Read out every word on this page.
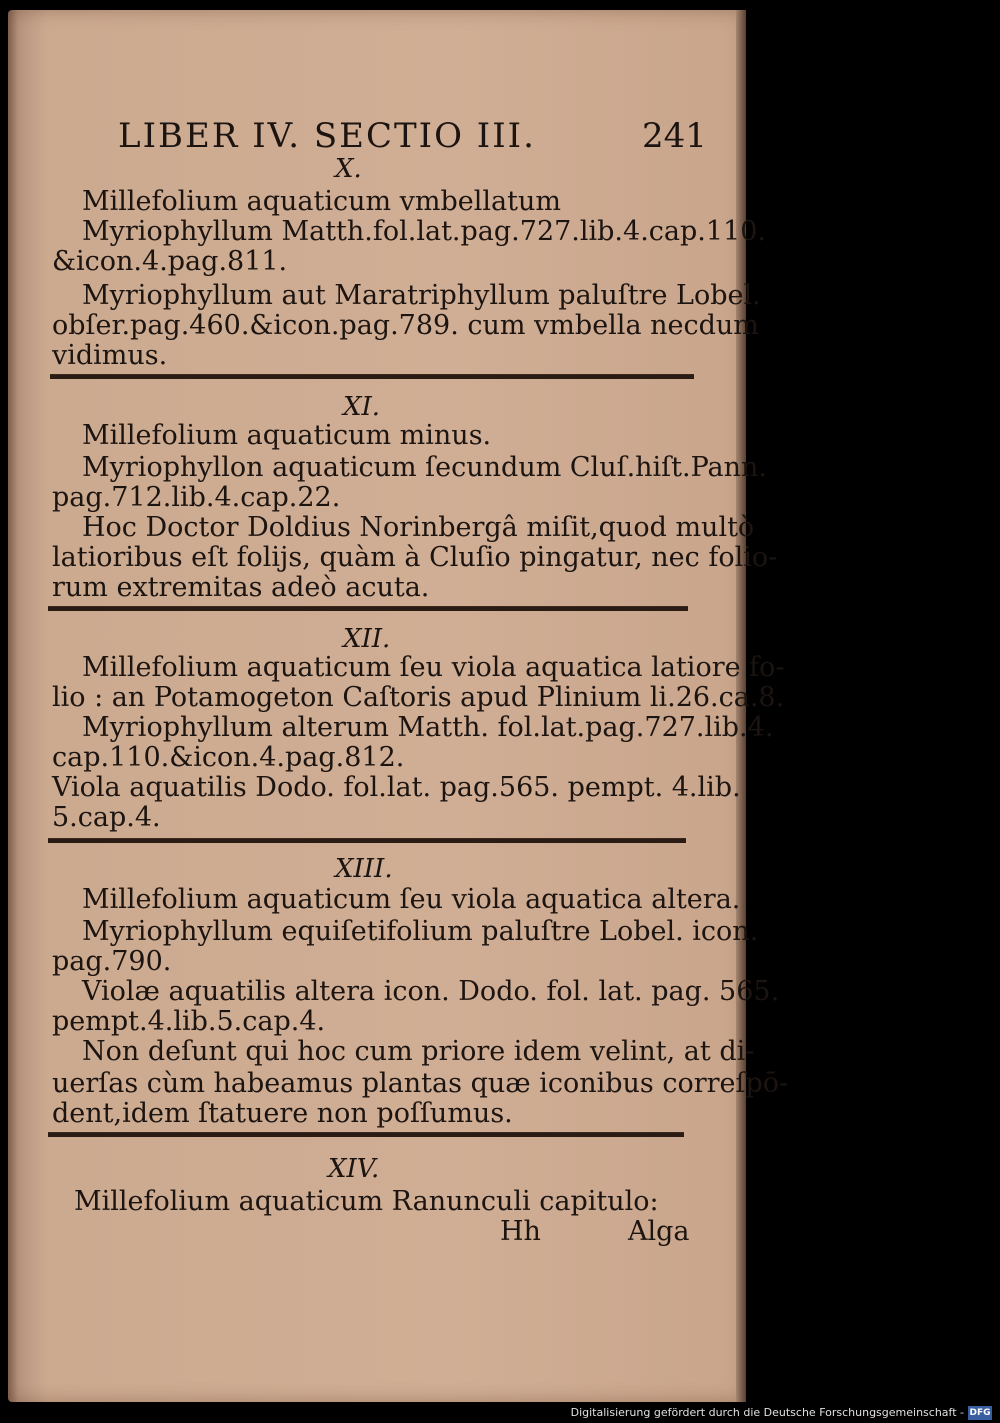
LIBER IV. SECTIO III.	241
X.
Millefolium aquaticum vmbellatum
Myriophyllum Matth.fol.lat.pag.727.lib.4.cap.110.
&icon.4.pag.811.
Myriophyllum aut Maratriphyllum paluſtre Lobel.
obſer.pag.460.&icon.pag.789. cum vmbella necdum
vidimus.
XI.
Millefolium aquaticum minus.
Myriophyllon aquaticum ſecundum Cluſ.hiſt.Pann.
pag.712.lib.4.cap.22.
Hoc Doctor Doldius Norinbergâ miſit,quod multò
latioribus eſt folijs, quàm à Cluſio pingatur, nec folio-
rum extremitas adeò acuta.
XII.
Millefolium aquaticum ſeu viola aquatica latiore fo-
lio : an Potamogeton Caſtoris apud Plinium li.26.ca.8.
Myriophyllum alterum Matth. fol.lat.pag.727.lib.4.
cap.110.&icon.4.pag.812.
Viola aquatilis Dodo. fol.lat. pag.565. pempt. 4.lib.
5.cap.4.
XIII.
Millefolium aquaticum ſeu viola aquatica altera.
Myriophyllum equiſetifolium paluſtre Lobel. icon.
pag.790.
Violæ aquatilis altera icon. Dodo. fol. lat. pag. 565.
pempt.4.lib.5.cap.4.
Non deſunt qui hoc cum priore idem velint, at di-
uerſas cùm habeamus plantas quæ iconibus correſpō-
dent,idem ſtatuere non poſſumus.
XIV.
Millefolium aquaticum Ranunculi capitulo:
Hh	Alga
Digitalisierung gefördert durch die Deutsche Forschungsgemeinschaft - DFG
